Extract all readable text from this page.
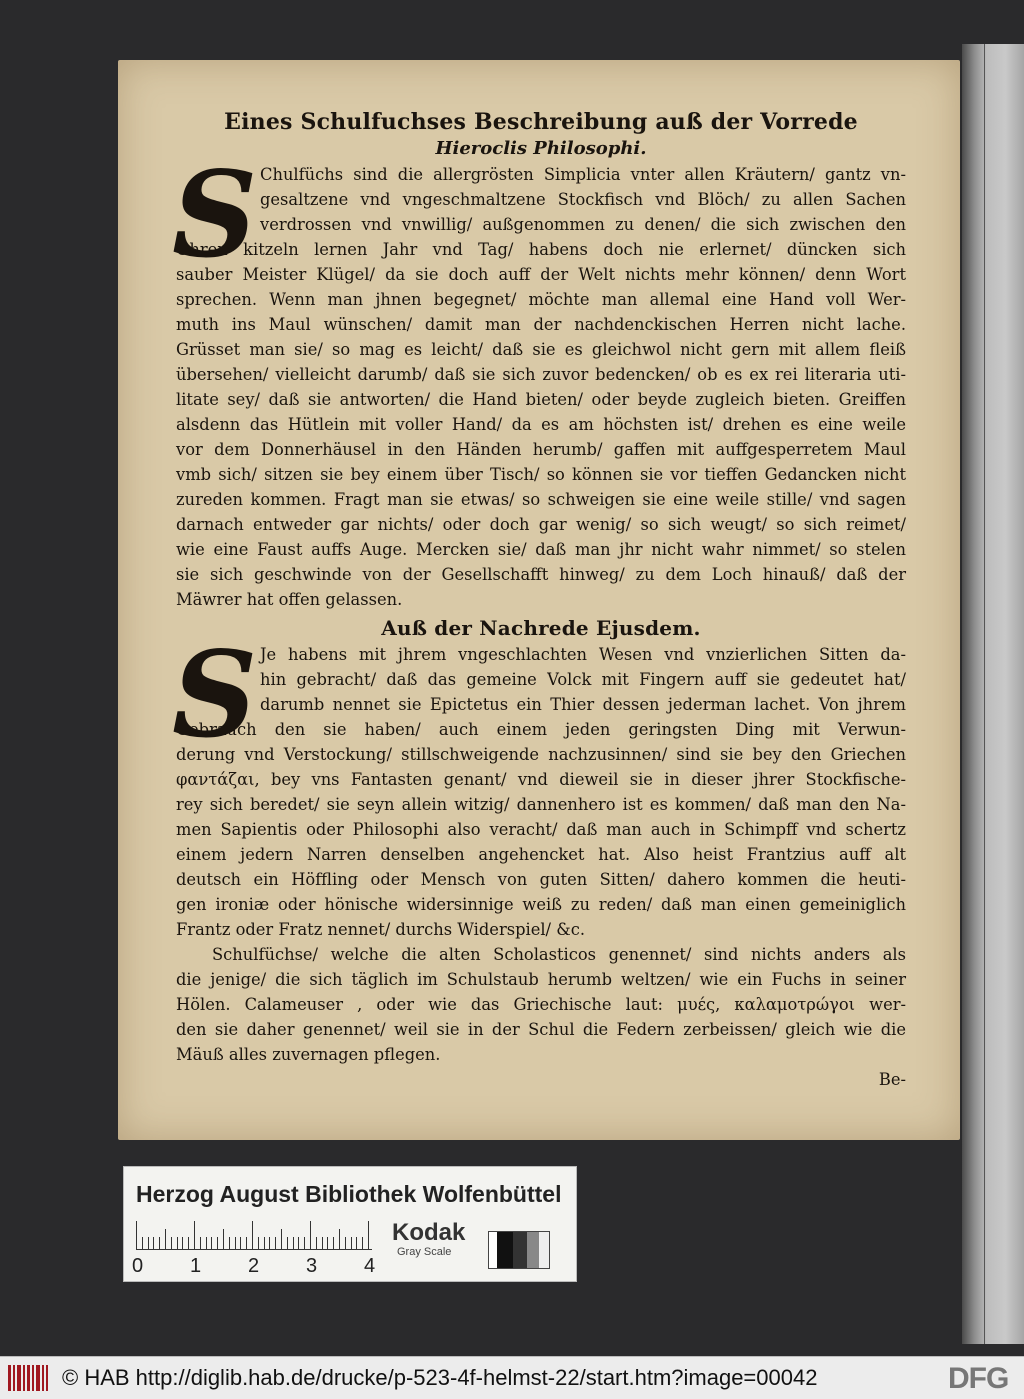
Eines Schulfuchses Beschreibung auß der Vorrede
Hieroclis Philosophi.
S Chulfüchs sind die allergrösten Simplicia vnter allen Kräutern/ gantz vn-
gesaltzene vnd vngeschmaltzene Stockfisch vnd Blöch/ zu allen Sachen
verdrossen vnd vnwillig/ außgenommen zu denen/ die sich zwischen den
Ohren kitzeln lernen Jahr vnd Tag/ habens doch nie erlernet/ düncken sich
sauber Meister Klügel/ da sie doch auff der Welt nichts mehr können/ denn Wort
sprechen. Wenn man jhnen begegnet/ möchte man allemal eine Hand voll Wer-
muth ins Maul wünschen/ damit man der nachdenckischen Herren nicht lache.
Grüsset man sie/ so mag es leicht/ daß sie es gleichwol nicht gern mit allem fleiß
übersehen/ vielleicht darumb/ daß sie sich zuvor bedencken/ ob es ex rei literaria uti-
litate sey/ daß sie antworten/ die Hand bieten/ oder beyde zugleich bieten. Greiffen
alsdenn das Hütlein mit voller Hand/ da es am höchsten ist/ drehen es eine weile
vor dem Donnerhäusel in den Händen herumb/ gaffen mit auffgesperretem Maul
vmb sich/ sitzen sie bey einem über Tisch/ so können sie vor tieffen Gedancken nicht
zureden kommen. Fragt man sie etwas/ so schweigen sie eine weile stille/ vnd sagen
darnach entweder gar nichts/ oder doch gar wenig/ so sich weugt/ so sich reimet/
wie eine Faust auffs Auge. Mercken sie/ daß man jhr nicht wahr nimmet/ so stelen
sie sich geschwinde von der Gesellschafft hinweg/ zu dem Loch hinauß/ daß der
Mäwrer hat offen gelassen.
Auß der Nachrede Ejusdem.
S Je habens mit jhrem vngeschlachten Wesen vnd vnzierlichen Sitten da-
hin gebracht/ daß das gemeine Volck mit Fingern auff sie gedeutet hat/
darumb nennet sie Epictetus ein Thier dessen jederman lachet. Von jhrem
Gebrauch den sie haben/ auch einem jeden geringsten Ding mit Verwun-
derung vnd Verstockung/ stillschweigende nachzusinnen/ sind sie bey den Griechen
φαντάζαι, bey vns Fantasten genant/ vnd dieweil sie in dieser jhrer Stockfische-
rey sich beredet/ sie seyn allein witzig/ dannenhero ist es kommen/ daß man den Na-
men Sapientis oder Philosophi also veracht/ daß man auch in Schimpff vnd schertz
einem jedern Narren denselben angehencket hat. Also heist Frantzius auff alt
deutsch ein Höffling oder Mensch von guten Sitten/ dahero kommen die heuti-
gen ironiæ oder hönische widersinnige weiß zu reden/ daß man einen gemeiniglich
Frantz oder Fratz nennet/ durchs Widerspiel/ &c.
Schulfüchse/ welche die alten Scholasticos genennet/ sind nichts anders als
die jenige/ die sich täglich im Schulstaub herumb weltzen/ wie ein Fuchs in seiner
Hölen. Calameuser , oder wie das Griechische laut: μυές, καλαμοτρώγοι wer-
den sie daher genennet/ weil sie in der Schul die Federn zerbeissen/ gleich wie die
Mäuß alles zuvernagen pflegen.
Be-
Herzog August Bibliothek Wolfenbüttel
0 1 2 3 4
Kodak
Gray Scale
© HAB http://diglib.hab.de/drucke/p-523-4f-helmst-22/start.htm?image=00042	DFG
